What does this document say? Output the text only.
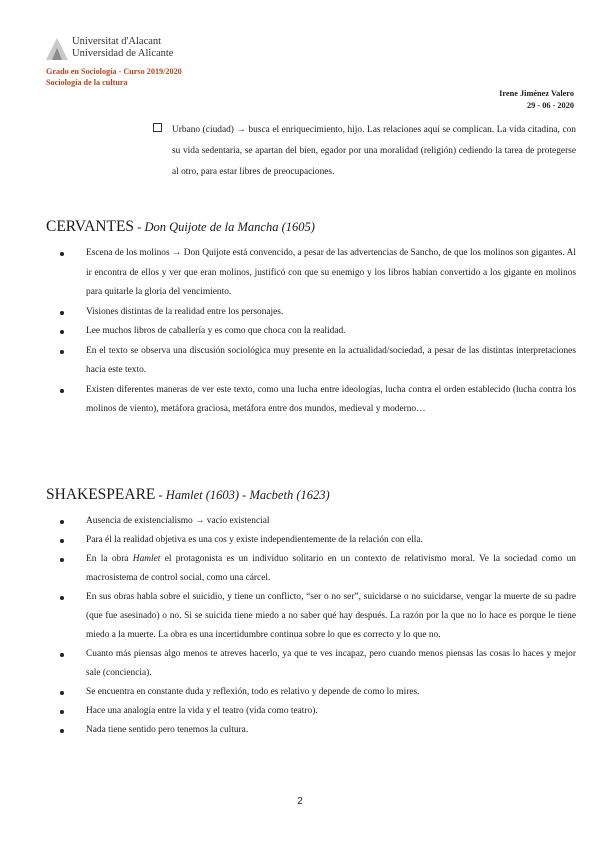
Universitat d'Alacant
Universidad de Alicante
Grado en Sociología - Curso 2019/2020
Sociología de la cultura
Irene Jiménez Valero
29 - 06 - 2020

Urbano (ciudad) → busca el enriquecimiento, hijo. Las relaciones aquí se complican. La vida citadina, con su vida sedentaria, se apartan del bien, egador por una moralidad (religión) cediendo la tarea de protegerse al otro, para estar libres de preocupaciones.

CERVANTES - Don Quijote de la Mancha (1605)
Escena de los molinos → Don Quijote está convencido, a pesar de las advertencias de Sancho, de que los molinos son gigantes. Al ir encontra de ellos y ver que eran molinos, justificó con que su enemigo y los libros habían convertido a los gigante en molinos para quitarle la gloria del vencimiento.
Visiones distintas de la realidad entre los personajes.
Lee muchos libros de caballería y es como que choca con la realidad.
En el texto se observa una discusión sociológica muy presente en la actualidad/sociedad, a pesar de las distintas interpretaciones hacia este texto.
Existen diferentes maneras de ver este texto, como una lucha entre ideologías, lucha contra el orden establecido (lucha contra los molinos de viento), metáfora graciosa, metáfora entre dos mundos, medieval y moderno…
SHAKESPEARE - Hamlet (1603) - Macbeth (1623)
Ausencia de existencialismo → vacío existencial
Para él la realidad objetiva es una cos y existe independientemente de la relación con ella.
En la obra Hamlet el protagonista es un individuo solitario en un contexto de relativismo moral. Ve la sociedad como un macrosistema de control social, como una cárcel.
En sus obras habla sobre el suicidio, y tiene un conflicto, “ser o no ser”, suicidarse o no suicidarse, vengar la muerte de su padre (que fue asesinado) o no. Si se suicida tiene miedo a no saber qué hay después. La razón por la que no lo hace es porque le tiene miedo a la muerte. La obra es una incertidumbre continua sobre lo que es correcto y lo que no.
Cuanto más piensas algo menos te atreves hacerlo, ya que te ves incapaz, pero cuando menos piensas las cosas lo haces y mejor sale (conciencia).
Se encuentra en constante duda y reflexión, todo es relativo y depende de como lo mires.
Hace una analogía entre la vida y el teatro (vida como teatro).
Nada tiene sentido pero tenemos la cultura.
2
